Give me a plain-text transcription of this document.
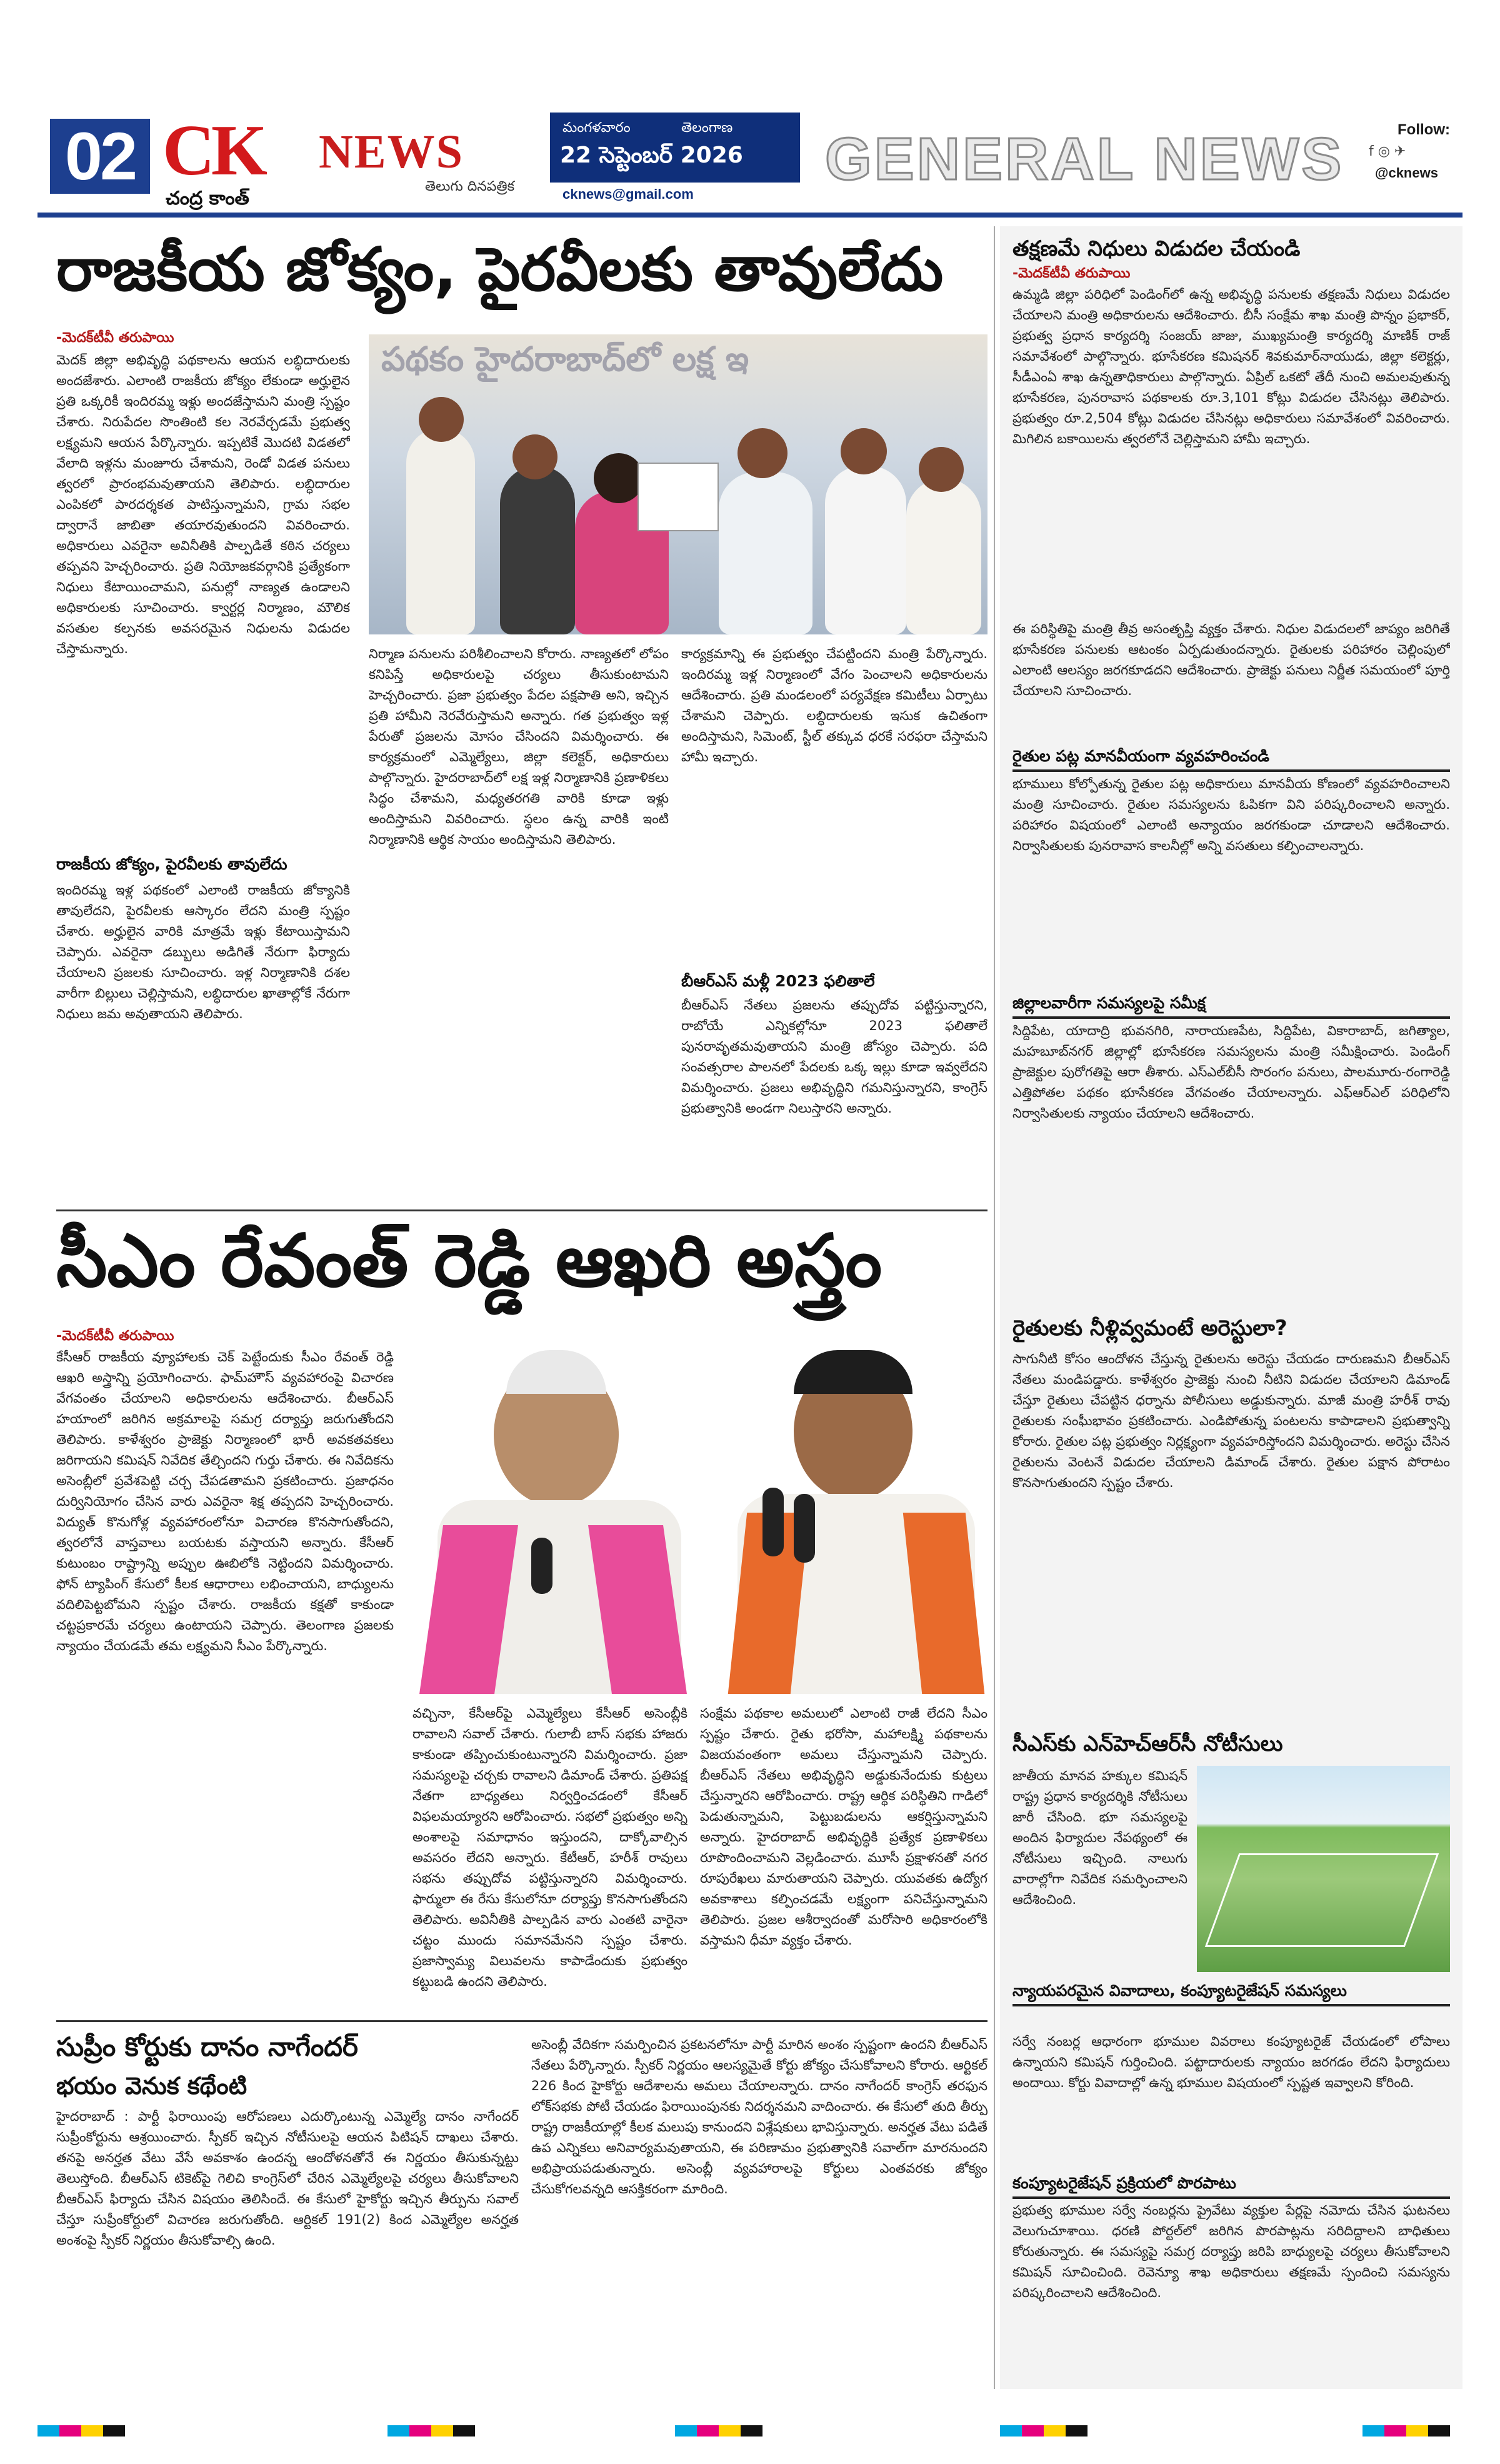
02 CK
చంద్ర కాంత్
NEWS
తెలుగు దినపత్రిక
మంగళవారం	తెలంగాణ
22 సెప్టెంబర్ 2026
cknews@gmail.com
GENERAL NEWS	Follow:
f ◎ ✈
@cknews
రాజకీయ జోక్యం, పైరవీలకు తావులేదు
-మెదక్‌టీవీ తరుపాయి
మెదక్ జిల్లా అభివృద్ధి పథకాలను ఆయన లబ్ధిదారులకు అందజేశారు. ఎలాంటి రాజకీయ జోక్యం లేకుండా అర్హులైన ప్రతి ఒక్కరికీ ఇందిరమ్మ ఇళ్లు అందజేస్తామని మంత్రి స్పష్టం చేశారు. నిరుపేదల సొంతింటి కల నెరవేర్చడమే ప్రభుత్వ లక్ష్యమని ఆయన పేర్కొన్నారు. ఇప్పటికే మొదటి విడతలో వేలాది ఇళ్లను మంజూరు చేశామని, రెండో విడత పనులు త్వరలో ప్రారంభమవుతాయని తెలిపారు. లబ్ధిదారుల ఎంపికలో పారదర్శకత పాటిస్తున్నామని, గ్రామ సభల ద్వారానే జాబితా తయారవుతుందని వివరించారు. అధికారులు ఎవరైనా అవినీతికి పాల్పడితే కఠిన చర్యలు తప్పవని హెచ్చరించారు. ప్రతి నియోజకవర్గానికి ప్రత్యేకంగా నిధులు కేటాయించామని, పనుల్లో నాణ్యత ఉండాలని అధికారులకు సూచించారు. క్వార్టర్ల నిర్మాణం, మౌలిక వసతుల కల్పనకు అవసరమైన నిధులను విడుదల చేస్తామన్నారు.
రాజకీయ జోక్యం, పైరవీలకు తావులేదు
ఇందిరమ్మ ఇళ్ల పథకంలో ఎలాంటి రాజకీయ జోక్యానికి తావులేదని, పైరవీలకు ఆస్కారం లేదని మంత్రి స్పష్టం చేశారు. అర్హులైన వారికి మాత్రమే ఇళ్లు కేటాయిస్తామని చెప్పారు. ఎవరైనా డబ్బులు అడిగితే నేరుగా ఫిర్యాదు చేయాలని ప్రజలకు సూచించారు. ఇళ్ల నిర్మాణానికి దశల వారీగా బిల్లులు చెల్లిస్తామని, లబ్ధిదారుల ఖాతాల్లోకే నేరుగా నిధులు జమ అవుతాయని తెలిపారు.
పథకం హైదరాబాద్‌లో లక్ష ఇ
నిర్మాణ పనులను పరిశీలించాలని కోరారు. నాణ్యతలో లోపం కనిపిస్తే అధికారులపై చర్యలు తీసుకుంటామని హెచ్చరించారు. ప్రజా ప్రభుత్వం పేదల పక్షపాతి అని, ఇచ్చిన ప్రతి హామీని నెరవేరుస్తామని అన్నారు. గత ప్రభుత్వం ఇళ్ల పేరుతో ప్రజలను మోసం చేసిందని విమర్శించారు. ఈ కార్యక్రమంలో ఎమ్మెల్యేలు, జిల్లా కలెక్టర్, అధికారులు పాల్గొన్నారు. హైదరాబాద్‌లో లక్ష ఇళ్ల నిర్మాణానికి ప్రణాళికలు సిద్ధం చేశామని, మధ్యతరగతి వారికి కూడా ఇళ్లు అందిస్తామని వివరించారు. స్థలం ఉన్న వారికి ఇంటి నిర్మాణానికి ఆర్థిక సాయం అందిస్తామని తెలిపారు.
కార్యక్రమాన్ని ఈ ప్రభుత్వం చేపట్టిందని మంత్రి పేర్కొన్నారు. ఇందిరమ్మ ఇళ్ల నిర్మాణంలో వేగం పెంచాలని అధికారులను ఆదేశించారు. ప్రతి మండలంలో పర్యవేక్షణ కమిటీలు ఏర్పాటు చేశామని చెప్పారు. లబ్ధిదారులకు ఇసుక ఉచితంగా అందిస్తామని, సిమెంట్, స్టీల్ తక్కువ ధరకే సరఫరా చేస్తామని హామీ ఇచ్చారు.
బీఆర్‌ఎస్ మళ్లీ 2023 ఫలితాలే
బీఆర్‌ఎస్ నేతలు ప్రజలను తప్పుదోవ పట్టిస్తున్నారని, రాబోయే ఎన్నికల్లోనూ 2023 ఫలితాలే పునరావృతమవుతాయని మంత్రి జోస్యం చెప్పారు. పది సంవత్సరాల పాలనలో పేదలకు ఒక్క ఇల్లు కూడా ఇవ్వలేదని విమర్శించారు. ప్రజలు అభివృద్ధిని గమనిస్తున్నారని, కాంగ్రెస్ ప్రభుత్వానికి అండగా నిలుస్తారని అన్నారు.
సీఎం రేవంత్ రెడ్డి ఆఖరి అస్త్రం
-మెదక్‌టీవీ తరుపాయి
కేసీఆర్ రాజకీయ వ్యూహాలకు చెక్ పెట్టేందుకు సీఎం రేవంత్ రెడ్డి ఆఖరి అస్త్రాన్ని ప్రయోగించారు. ఫామ్‌హౌస్ వ్యవహారంపై విచారణ వేగవంతం చేయాలని అధికారులను ఆదేశించారు. బీఆర్‌ఎస్ హయాంలో జరిగిన అక్రమాలపై సమగ్ర దర్యాప్తు జరుగుతోందని తెలిపారు. కాళేశ్వరం ప్రాజెక్టు నిర్మాణంలో భారీ అవకతవకలు జరిగాయని కమిషన్ నివేదిక తేల్చిందని గుర్తు చేశారు. ఈ నివేదికను అసెంబ్లీలో ప్రవేశపెట్టి చర్చ చేపడతామని ప్రకటించారు. ప్రజాధనం దుర్వినియోగం చేసిన వారు ఎవరైనా శిక్ష తప్పదని హెచ్చరించారు. విద్యుత్ కొనుగోళ్ల వ్యవహారంలోనూ విచారణ కొనసాగుతోందని, త్వరలోనే వాస్తవాలు బయటకు వస్తాయని అన్నారు. కేసీఆర్ కుటుంబం రాష్ట్రాన్ని అప్పుల ఊబిలోకి నెట్టిందని విమర్శించారు. ఫోన్ ట్యాపింగ్ కేసులో కీలక ఆధారాలు లభించాయని, బాధ్యులను వదిలిపెట్టబోమని స్పష్టం చేశారు. రాజకీయ కక్షతో కాకుండా చట్టప్రకారమే చర్యలు ఉంటాయని చెప్పారు. తెలంగాణ ప్రజలకు న్యాయం చేయడమే తమ లక్ష్యమని సీఎం పేర్కొన్నారు.
వచ్చినా, కేసీఆర్‌పై ఎమ్మెల్యేలు కేసీఆర్ అసెంబ్లీకి రావాలని సవాల్ చేశారు. గులాబీ బాస్ సభకు హాజరు కాకుండా తప్పించుకుంటున్నారని విమర్శించారు. ప్రజా సమస్యలపై చర్చకు రావాలని డిమాండ్ చేశారు. ప్రతిపక్ష నేతగా బాధ్యతలు నిర్వర్తించడంలో కేసీఆర్ విఫలమయ్యారని ఆరోపించారు. సభలో ప్రభుత్వం అన్ని అంశాలపై సమాధానం ఇస్తుందని, దాక్కోవాల్సిన అవసరం లేదని అన్నారు. కేటీఆర్, హరీశ్ రావులు సభను తప్పుదోవ పట్టిస్తున్నారని విమర్శించారు. ఫార్ములా ఈ రేసు కేసులోనూ దర్యాప్తు కొనసాగుతోందని తెలిపారు. అవినీతికి పాల్పడిన వారు ఎంతటి వారైనా చట్టం ముందు సమానమేనని స్పష్టం చేశారు. ప్రజాస్వామ్య విలువలను కాపాడేందుకు ప్రభుత్వం కట్టుబడి ఉందని తెలిపారు.
సంక్షేమ పథకాల అమలులో ఎలాంటి రాజీ లేదని సీఎం స్పష్టం చేశారు. రైతు భరోసా, మహాలక్ష్మి పథకాలను విజయవంతంగా అమలు చేస్తున్నామని చెప్పారు. బీఆర్‌ఎస్ నేతలు అభివృద్ధిని అడ్డుకునేందుకు కుట్రలు చేస్తున్నారని ఆరోపించారు. రాష్ట్ర ఆర్థిక పరిస్థితిని గాడిలో పెడుతున్నామని, పెట్టుబడులను ఆకర్షిస్తున్నామని అన్నారు. హైదరాబాద్ అభివృద్ధికి ప్రత్యేక ప్రణాళికలు రూపొందించామని వెల్లడించారు. మూసీ ప్రక్షాళనతో నగర రూపురేఖలు మారుతాయని చెప్పారు. యువతకు ఉద్యోగ అవకాశాలు కల్పించడమే లక్ష్యంగా పనిచేస్తున్నామని తెలిపారు. ప్రజల ఆశీర్వాదంతో మరోసారి అధికారంలోకి వస్తామని ధీమా వ్యక్తం చేశారు.
సుప్రీం కోర్టుకు దానం నాగేందర్
భయం వెనుక కథేంటి
హైదరాబాద్ : పార్టీ ఫిరాయింపు ఆరోపణలు ఎదుర్కొంటున్న ఎమ్మెల్యే దానం నాగేందర్ సుప్రీంకోర్టును ఆశ్రయించారు. స్పీకర్ ఇచ్చిన నోటీసులపై ఆయన పిటిషన్ దాఖలు చేశారు. తనపై అనర్హత వేటు వేసే అవకాశం ఉందన్న ఆందోళనతోనే ఈ నిర్ణయం తీసుకున్నట్టు తెలుస్తోంది. బీఆర్‌ఎస్ టికెట్‌పై గెలిచి కాంగ్రెస్‌లో చేరిన ఎమ్మెల్యేలపై చర్యలు తీసుకోవాలని బీఆర్‌ఎస్ ఫిర్యాదు చేసిన విషయం తెలిసిందే. ఈ కేసులో హైకోర్టు ఇచ్చిన తీర్పును సవాల్ చేస్తూ సుప్రీంకోర్టులో విచారణ జరుగుతోంది. ఆర్టికల్ 191(2) కింద ఎమ్మెల్యేల అనర్హత అంశంపై స్పీకర్ నిర్ణయం తీసుకోవాల్సి ఉంది.
అసెంబ్లీ వేదికగా సమర్పించిన ప్రకటనలోనూ పార్టీ మారిన అంశం స్పష్టంగా ఉందని బీఆర్‌ఎస్ నేతలు పేర్కొన్నారు. స్పీకర్ నిర్ణయం ఆలస్యమైతే కోర్టు జోక్యం చేసుకోవాలని కోరారు. ఆర్టికల్ 226 కింద హైకోర్టు ఆదేశాలను అమలు చేయాలన్నారు. దానం నాగేందర్ కాంగ్రెస్ తరఫున లోక్‌సభకు పోటీ చేయడం ఫిరాయింపునకు నిదర్శనమని వాదించారు. ఈ కేసులో తుది తీర్పు రాష్ట్ర రాజకీయాల్లో కీలక మలుపు కానుందని విశ్లేషకులు భావిస్తున్నారు. అనర్హత వేటు పడితే ఉప ఎన్నికలు అనివార్యమవుతాయని, ఈ పరిణామం ప్రభుత్వానికి సవాల్‌గా మారనుందని అభిప్రాయపడుతున్నారు. అసెంబ్లీ వ్యవహారాలపై కోర్టులు ఎంతవరకు జోక్యం చేసుకోగలవన్నది ఆసక్తికరంగా మారింది.
తక్షణమే నిధులు విడుదల చేయండి
-మెదక్‌టీవీ తరుపాయి
ఉమ్మడి జిల్లా పరిధిలో పెండింగ్‌లో ఉన్న అభివృద్ధి పనులకు తక్షణమే నిధులు విడుదల చేయాలని మంత్రి అధికారులను ఆదేశించారు. బీసీ సంక్షేమ శాఖ మంత్రి పొన్నం ప్రభాకర్, ప్రభుత్వ ప్రధాన కార్యదర్శి సంజయ్ జాజు, ముఖ్యమంత్రి కార్యదర్శి మాణిక్ రాజ్ సమావేశంలో పాల్గొన్నారు. భూసేకరణ కమిషనర్ శివకుమార్‌నాయుడు, జిల్లా కలెక్టర్లు, సీడీఎంఏ శాఖ ఉన్నతాధికారులు పాల్గొన్నారు. ఏప్రిల్ ఒకటో తేదీ నుంచి అమలవుతున్న భూసేకరణ, పునరావాస పథకాలకు రూ.3,101 కోట్లు విడుదల చేసినట్లు తెలిపారు. ప్రభుత్వం రూ.2,504 కోట్లు విడుదల చేసినట్లు అధికారులు సమావేశంలో వివరించారు. మిగిలిన బకాయిలను త్వరలోనే చెల్లిస్తామని హామీ ఇచ్చారు.
ఈ పరిస్థితిపై మంత్రి తీవ్ర అసంతృప్తి వ్యక్తం చేశారు. నిధుల విడుదలలో జాప్యం జరిగితే భూసేకరణ పనులకు ఆటంకం ఏర్పడుతుందన్నారు. రైతులకు పరిహారం చెల్లింపులో ఎలాంటి ఆలస్యం జరగకూడదని ఆదేశించారు. ప్రాజెక్టు పనులు నిర్ణీత సమయంలో పూర్తి చేయాలని సూచించారు.
రైతుల పట్ల మానవీయంగా వ్యవహరించండి
భూములు కోల్పోతున్న రైతుల పట్ల అధికారులు మానవీయ కోణంలో వ్యవహరించాలని మంత్రి సూచించారు. రైతుల సమస్యలను ఓపికగా విని పరిష్కరించాలని అన్నారు. పరిహారం విషయంలో ఎలాంటి అన్యాయం జరగకుండా చూడాలని ఆదేశించారు. నిర్వాసితులకు పునరావాస కాలనీల్లో అన్ని వసతులు కల్పించాలన్నారు.
జిల్లాలవారీగా సమస్యలపై సమీక్ష
సిద్దిపేట, యాదాద్రి భువనగిరి, నారాయణపేట, సిద్దిపేట, వికారాబాద్, జగిత్యాల, మహబూబ్‌నగర్ జిల్లాల్లో భూసేకరణ సమస్యలను మంత్రి సమీక్షించారు. పెండింగ్ ప్రాజెక్టుల పురోగతిపై ఆరా తీశారు. ఎస్‌ఎల్‌బీసీ సొరంగం పనులు, పాలమూరు-రంగారెడ్డి ఎత్తిపోతల పథకం భూసేకరణ వేగవంతం చేయాలన్నారు. ఎఫ్‌ఆర్‌ఎల్ పరిధిలోని నిర్వాసితులకు న్యాయం చేయాలని ఆదేశించారు.
రైతులకు నీళ్లివ్వమంటే అరెస్టులా?
సాగునీటి కోసం ఆందోళన చేస్తున్న రైతులను అరెస్టు చేయడం దారుణమని బీఆర్‌ఎస్ నేతలు మండిపడ్డారు. కాళేశ్వరం ప్రాజెక్టు నుంచి నీటిని విడుదల చేయాలని డిమాండ్ చేస్తూ రైతులు చేపట్టిన ధర్నాను పోలీసులు అడ్డుకున్నారు. మాజీ మంత్రి హరీశ్ రావు రైతులకు సంఘీభావం ప్రకటించారు. ఎండిపోతున్న పంటలను కాపాడాలని ప్రభుత్వాన్ని కోరారు. రైతుల పట్ల ప్రభుత్వం నిర్లక్ష్యంగా వ్యవహరిస్తోందని విమర్శించారు. అరెస్టు చేసిన రైతులను వెంటనే విడుదల చేయాలని డిమాండ్ చేశారు. రైతుల పక్షాన పోరాటం కొనసాగుతుందని స్పష్టం చేశారు.
సీఎస్‌కు ఎన్‌హెచ్‌ఆర్‌సీ నోటీసులు
జాతీయ మానవ హక్కుల కమిషన్ రాష్ట్ర ప్రధాన కార్యదర్శికి నోటీసులు జారీ చేసింది. భూ సమస్యలపై అందిన ఫిర్యాదుల నేపథ్యంలో ఈ నోటీసులు ఇచ్చింది. నాలుగు వారాల్లోగా నివేదిక సమర్పించాలని ఆదేశించింది.
న్యాయపరమైన వివాదాలు, కంప్యూటరైజేషన్ సమస్యలు
సర్వే నంబర్ల ఆధారంగా భూముల వివరాలు కంప్యూటరైజ్ చేయడంలో లోపాలు ఉన్నాయని కమిషన్ గుర్తించింది. పట్టాదారులకు న్యాయం జరగడం లేదని ఫిర్యాదులు అందాయి. కోర్టు వివాదాల్లో ఉన్న భూముల విషయంలో స్పష్టత ఇవ్వాలని కోరింది.
కంప్యూటరైజేషన్ ప్రక్రియలో పొరపాటు
ప్రభుత్వ భూముల సర్వే నంబర్లను ప్రైవేటు వ్యక్తుల పేర్లపై నమోదు చేసిన ఘటనలు వెలుగుచూశాయి. ధరణి పోర్టల్‌లో జరిగిన పొరపాట్లను సరిదిద్దాలని బాధితులు కోరుతున్నారు. ఈ సమస్యపై సమగ్ర దర్యాప్తు జరిపి బాధ్యులపై చర్యలు తీసుకోవాలని కమిషన్ సూచించింది. రెవెన్యూ శాఖ అధికారులు తక్షణమే స్పందించి సమస్యను పరిష్కరించాలని ఆదేశించింది.
